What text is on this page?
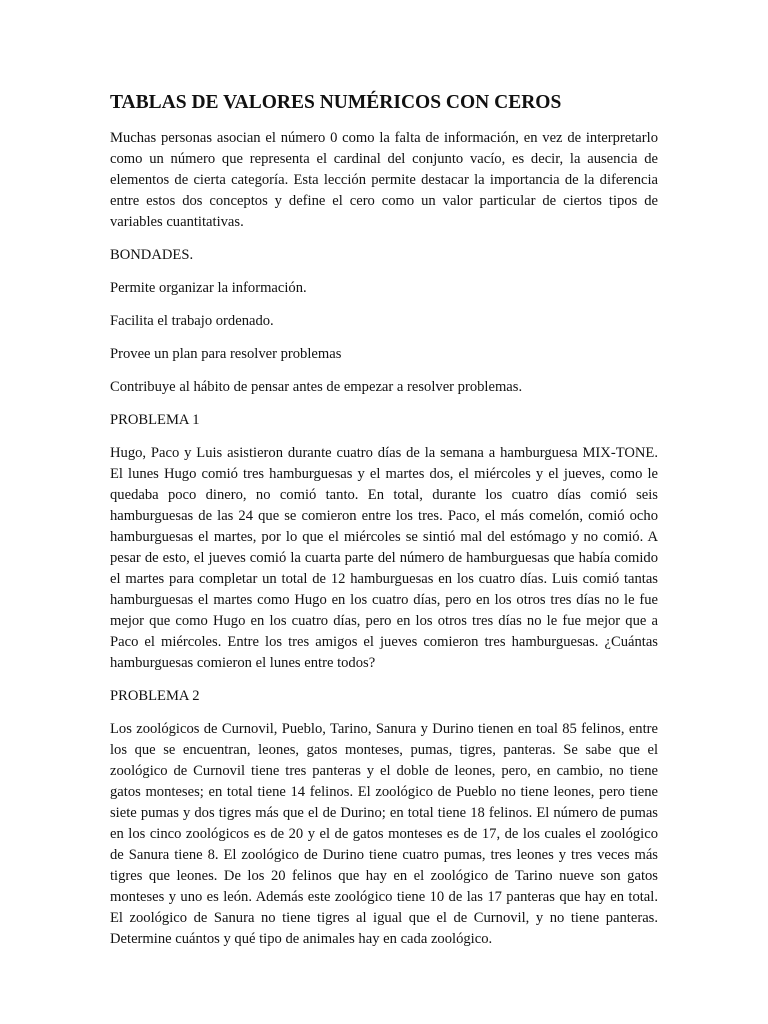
TABLAS DE VALORES NUMÉRICOS CON CEROS

Muchas personas asocian el número 0 como la falta de información, en vez de interpretarlo como un número que representa el cardinal del conjunto vacío, es decir, la ausencia de elementos de cierta categoría. Esta lección permite destacar la importancia de la diferencia entre estos dos conceptos y define el cero como un valor particular de ciertos tipos de variables cuantitativas.

BONDADES.

Permite organizar la información.

Facilita el trabajo ordenado.

Provee un plan para resolver problemas

Contribuye al hábito de pensar antes de empezar a resolver problemas.

PROBLEMA 1

Hugo, Paco y Luis asistieron durante cuatro días de la semana a hamburguesa MIX-TONE. El lunes Hugo comió tres hamburguesas y el martes dos, el miércoles y el jueves, como le quedaba poco dinero, no comió tanto. En total, durante los cuatro días comió seis hamburguesas de las 24 que se comieron entre los tres. Paco, el más comelón, comió ocho hamburguesas el martes, por lo que el miércoles se sintió mal del estómago y no comió. A pesar de esto, el jueves comió la cuarta parte del número de hamburguesas que había comido el martes para completar un total de 12 hamburguesas en los cuatro días. Luis comió tantas hamburguesas el martes como Hugo en los cuatro días, pero en los otros tres días no le fue mejor que como Hugo en los cuatro días, pero en los otros tres días no le fue mejor que a Paco el miércoles. Entre los tres amigos el jueves comieron tres hamburguesas. ¿Cuántas hamburguesas comieron el lunes entre todos?

PROBLEMA 2

Los zoológicos de Curnovil, Pueblo, Tarino, Sanura y Durino tienen en toal 85 felinos, entre los que se encuentran, leones, gatos monteses, pumas, tigres, panteras. Se sabe que el zoológico de Curnovil tiene tres panteras y el doble de leones, pero, en cambio, no tiene gatos monteses; en total tiene 14 felinos. El zoológico de Pueblo no tiene leones, pero tiene siete pumas y dos tigres más que el de Durino; en total tiene 18 felinos. El número de pumas en los cinco zoológicos es de 20 y el de gatos monteses es de 17, de los cuales el zoológico de Sanura tiene 8. El zoológico de Durino tiene cuatro pumas, tres leones y tres veces más tigres que leones. De los 20 felinos que hay en el zoológico de Tarino nueve son gatos monteses y uno es león. Además este zoológico tiene 10 de las 17 panteras que hay en total. El zoológico de Sanura no tiene tigres al igual que el de Curnovil, y no tiene panteras. Determine cuántos y qué tipo de animales hay en cada zoológico.
